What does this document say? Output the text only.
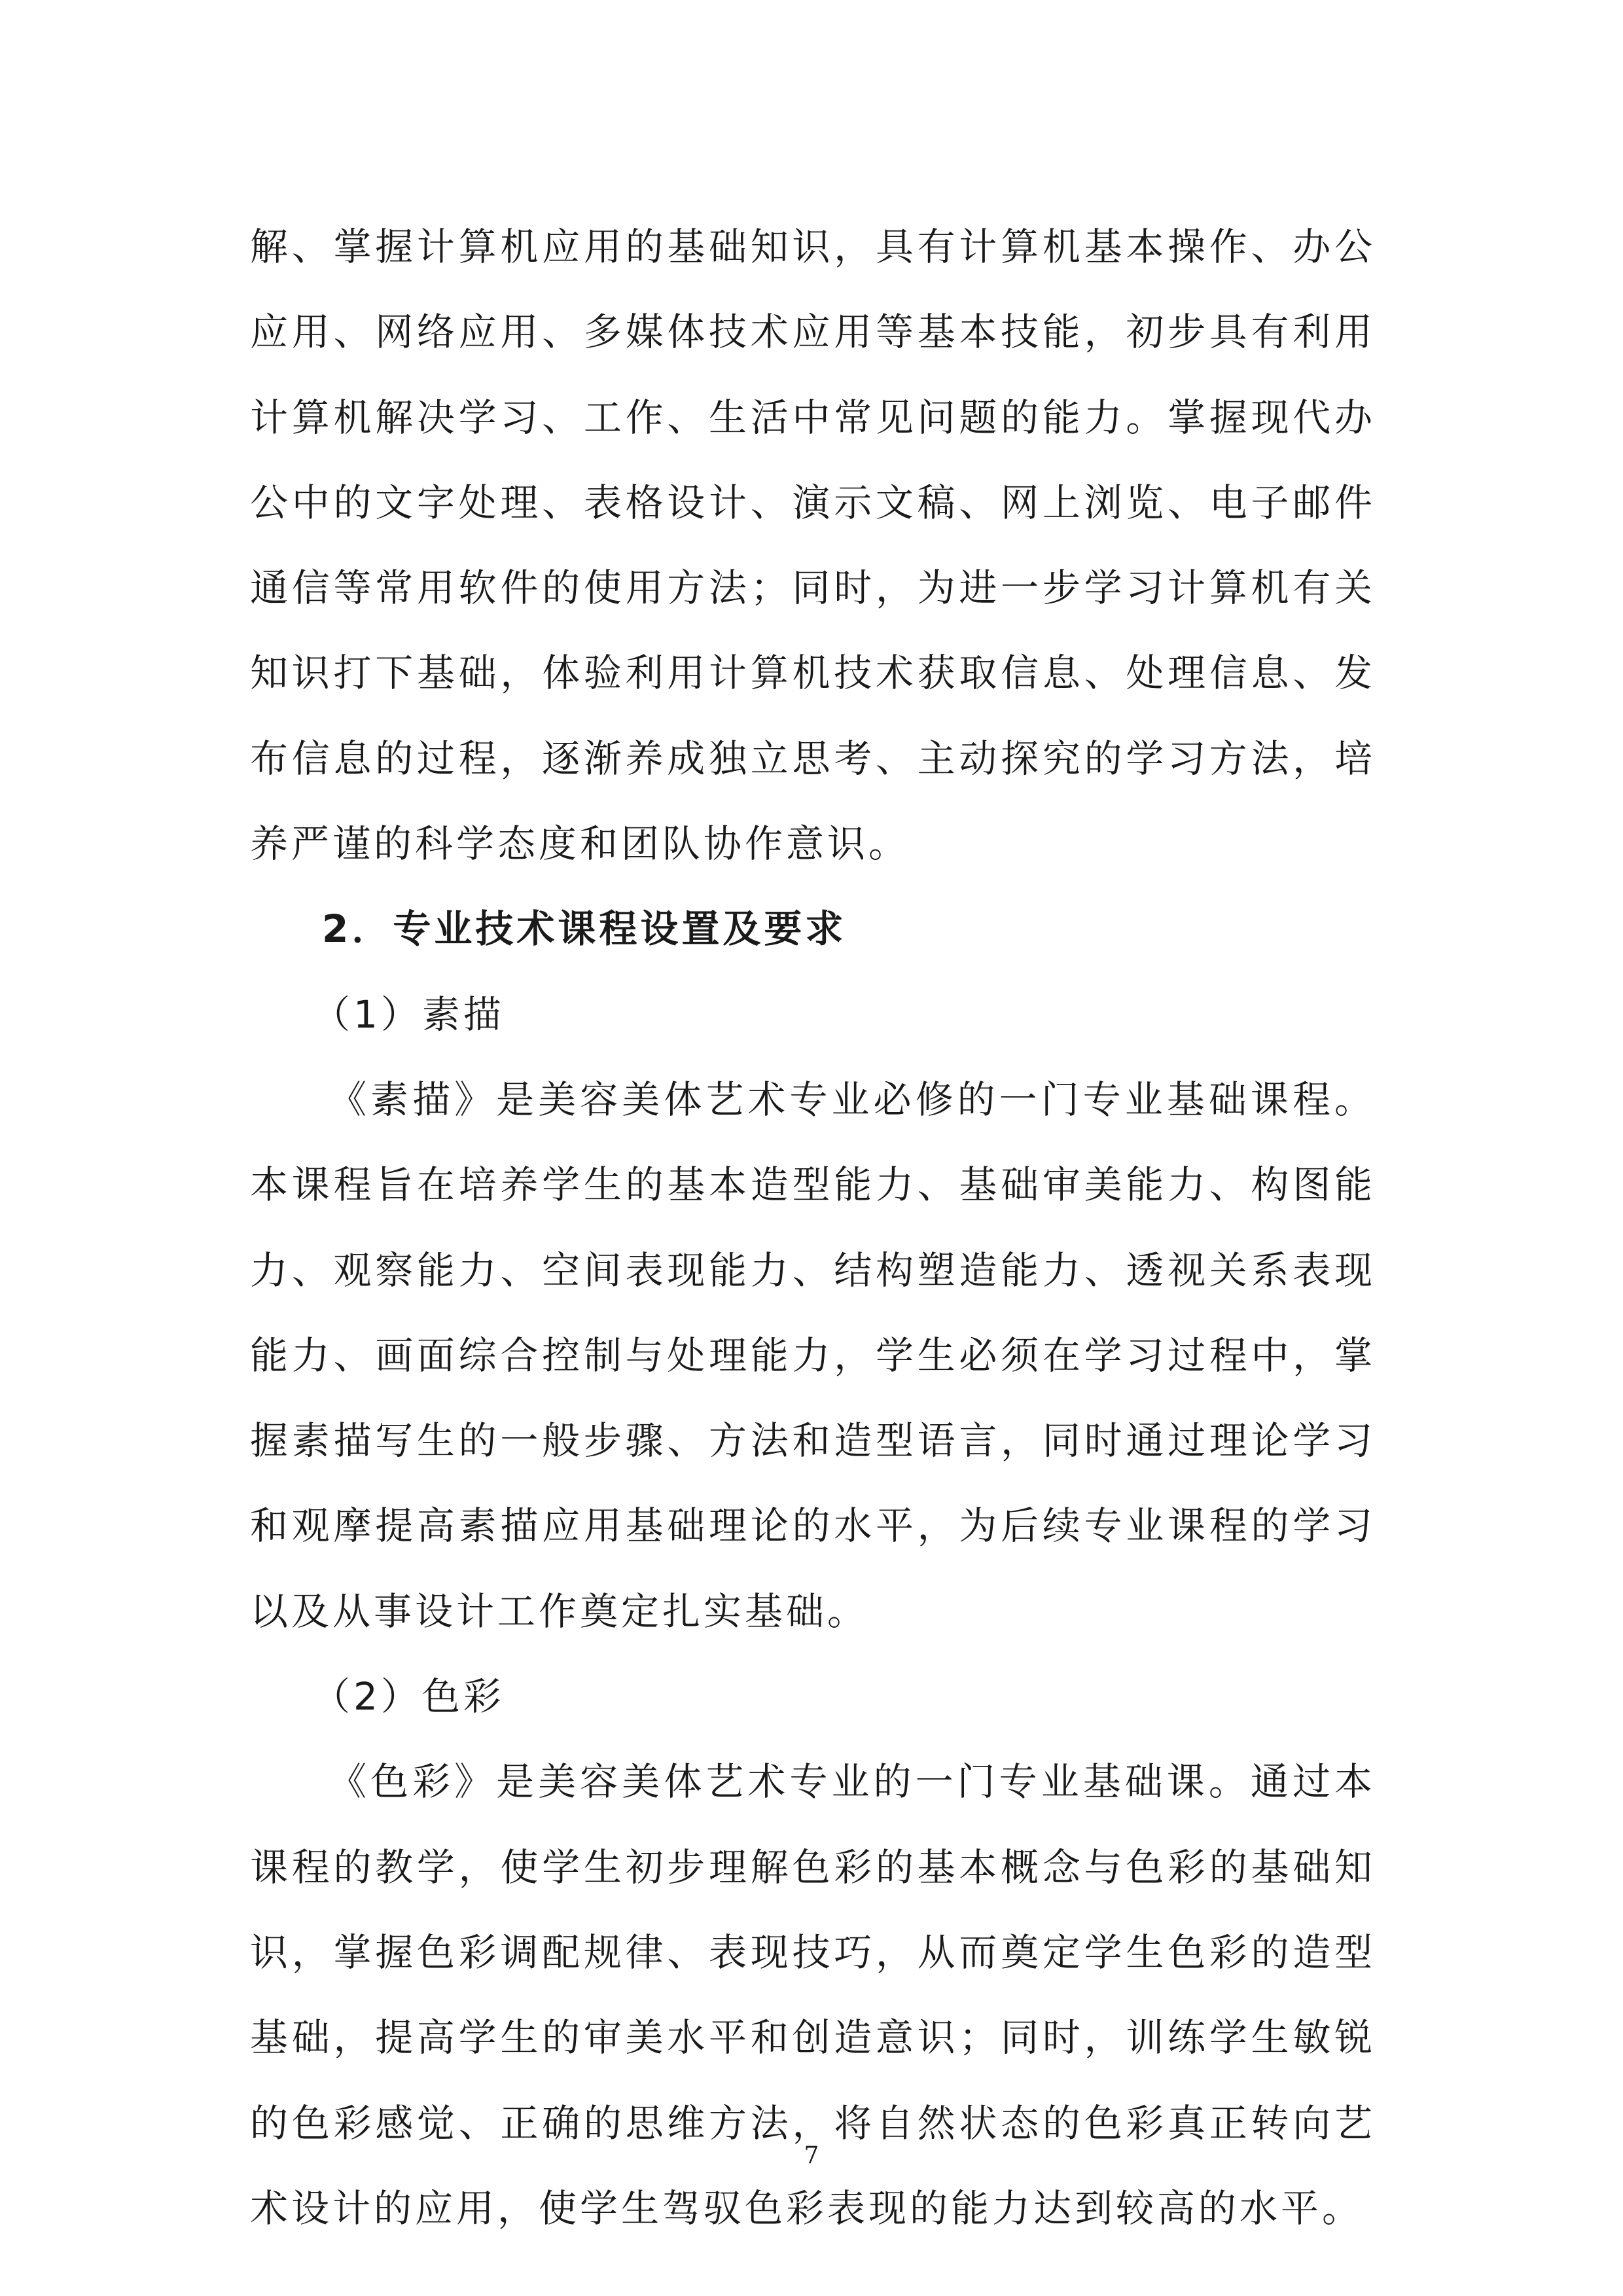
解、掌握计算机应用的基础知识，具有计算机基本操作、办公应用、网络应用、多媒体技术应用等基本技能，初步具有利用计算机解决学习、工作、生活中常见问题的能力。掌握现代办公中的文字处理、表格设计、演示文稿、网上浏览、电子邮件通信等常用软件的使用方法；同时，为进一步学习计算机有关知识打下基础，体验利用计算机技术获取信息、处理信息、发布信息的过程，逐渐养成独立思考、主动探究的学习方法，培养严谨的科学态度和团队协作意识。

2．专业技术课程设置及要求

（1）素描

《素描》是美容美体艺术专业必修的一门专业基础课程。本课程旨在培养学生的基本造型能力、基础审美能力、构图能力、观察能力、空间表现能力、结构塑造能力、透视关系表现能力、画面综合控制与处理能力，学生必须在学习过程中，掌握素描写生的一般步骤、方法和造型语言，同时通过理论学习和观摩提高素描应用基础理论的水平，为后续专业课程的学习以及从事设计工作奠定扎实基础。

（2）色彩

《色彩》是美容美体艺术专业的一门专业基础课。通过本课程的教学，使学生初步理解色彩的基本概念与色彩的基础知识，掌握色彩调配规律、表现技巧，从而奠定学生色彩的造型基础，提高学生的审美水平和创造意识；同时，训练学生敏锐的色彩感觉、正确的思维方法，将自然状态的色彩真正转向艺术设计的应用，使学生驾驭色彩表现的能力达到较高的水平。

7
